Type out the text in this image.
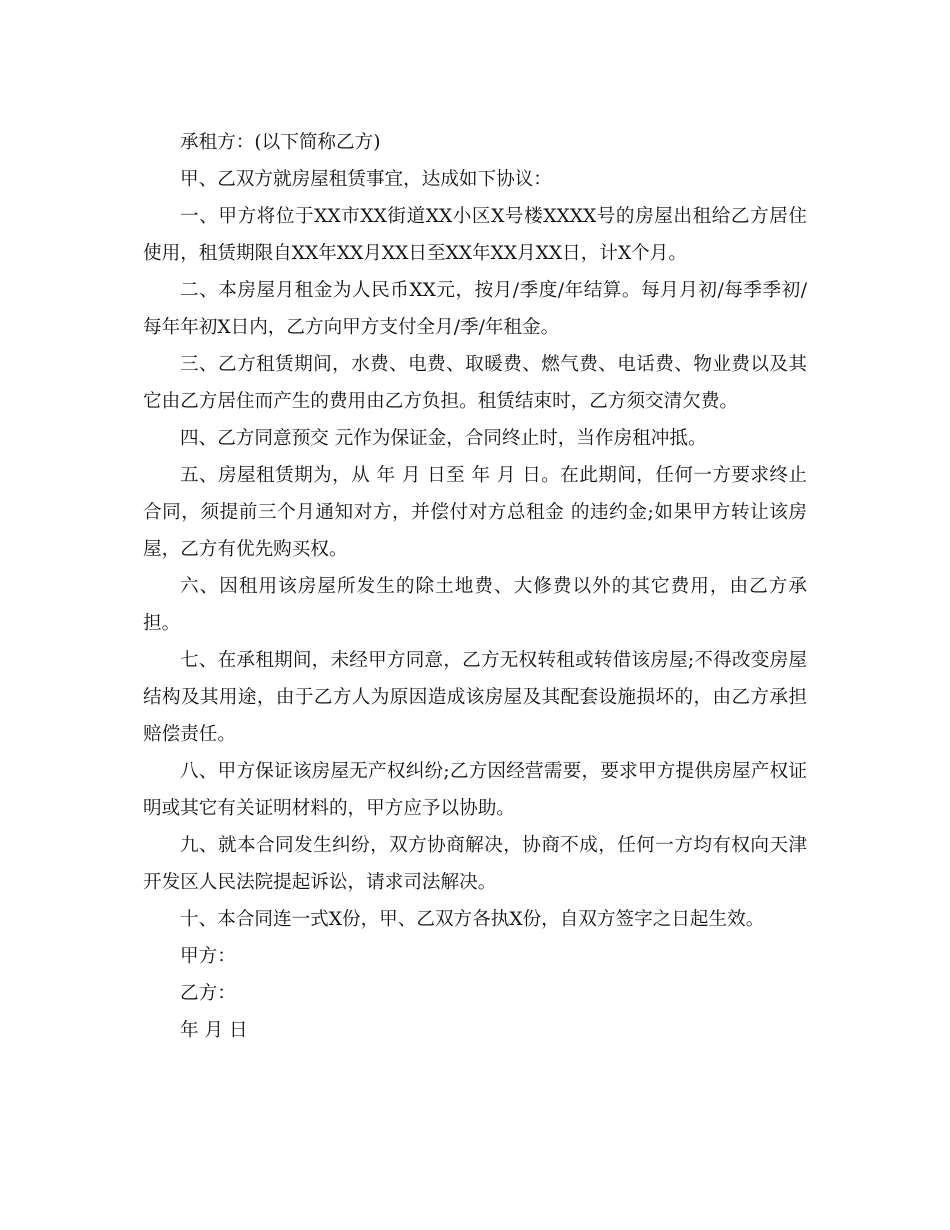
承租方：(以下简称乙方)

甲、乙双方就房屋租赁事宜，达成如下协议：

一、甲方将位于XX市XX街道XX小区X号楼XXXX号的房屋出租给乙方居住使用，租赁期限自XX年XX月XX日至XX年XX月XX日，计X个月。

二、本房屋月租金为人民币XX元，按月/季度/年结算。每月月初/每季季初/每年年初X日内，乙方向甲方支付全月/季/年租金。

三、乙方租赁期间，水费、电费、取暖费、燃气费、电话费、物业费以及其它由乙方居住而产生的费用由乙方负担。租赁结束时，乙方须交清欠费。

四、乙方同意预交 元作为保证金，合同终止时，当作房租冲抵。

五、房屋租赁期为，从 年 月 日至 年 月 日。在此期间，任何一方要求终止合同，须提前三个月通知对方，并偿付对方总租金 的违约金;如果甲方转让该房屋，乙方有优先购买权。

六、因租用该房屋所发生的除土地费、大修费以外的其它费用，由乙方承担。

七、在承租期间，未经甲方同意，乙方无权转租或转借该房屋;不得改变房屋结构及其用途，由于乙方人为原因造成该房屋及其配套设施损坏的，由乙方承担赔偿责任。

八、甲方保证该房屋无产权纠纷;乙方因经营需要，要求甲方提供房屋产权证明或其它有关证明材料的，甲方应予以协助。

九、就本合同发生纠纷，双方协商解决，协商不成，任何一方均有权向天津开发区人民法院提起诉讼，请求司法解决。

十、本合同连一式X份，甲、乙双方各执X份，自双方签字之日起生效。

甲方：

乙方：

年 月 日
